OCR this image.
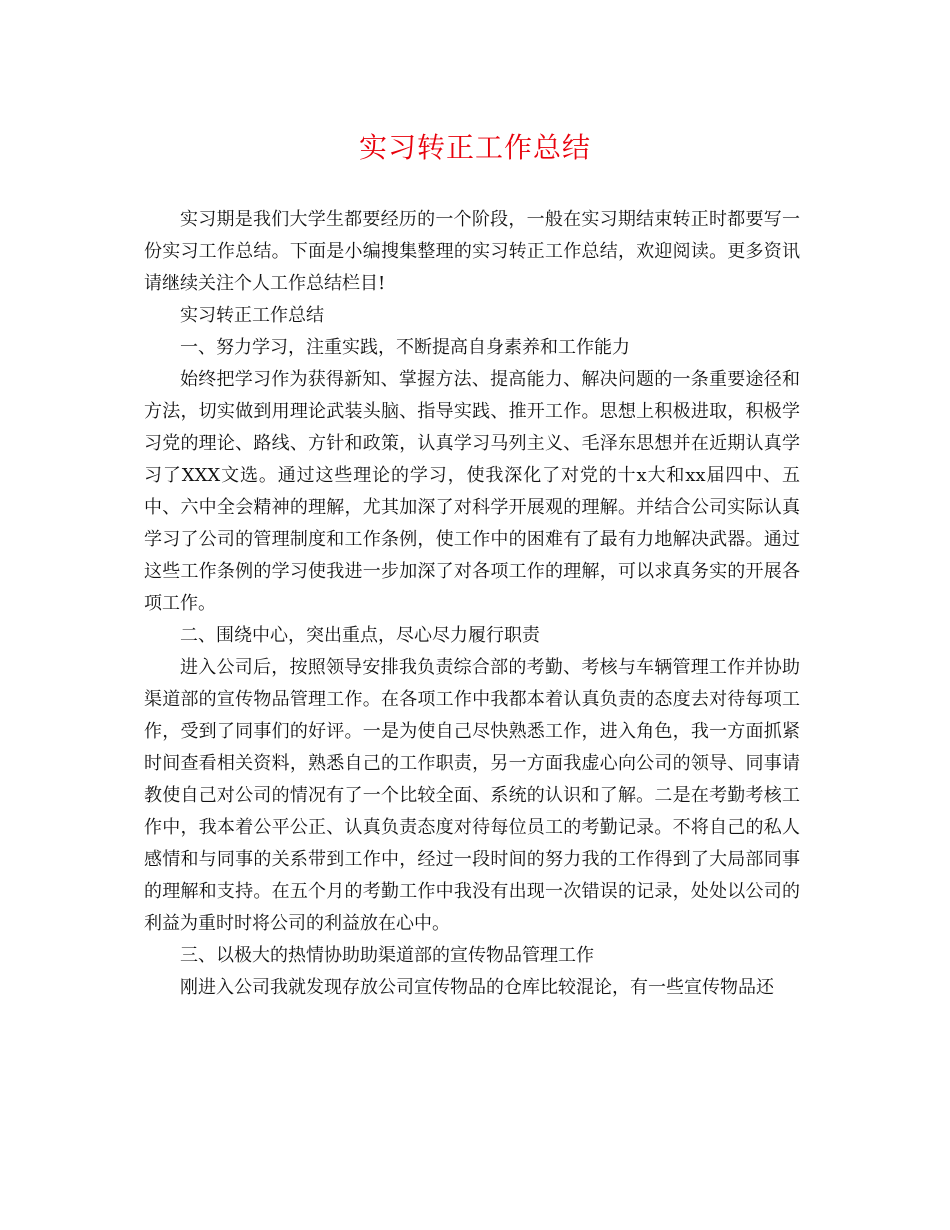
实习转正工作总结

实习期是我们大学生都要经历的一个阶段，一般在实习期结束转正时都要写一份实习工作总结。下面是小编搜集整理的实习转正工作总结，欢迎阅读。更多资讯请继续关注个人工作总结栏目!

实习转正工作总结

一、努力学习，注重实践，不断提高自身素养和工作能力

始终把学习作为获得新知、掌握方法、提高能力、解决问题的一条重要途径和方法，切实做到用理论武装头脑、指导实践、推开工作。思想上积极进取，积极学习党的理论、路线、方针和政策，认真学习马列主义、毛泽东思想并在近期认真学习了XXX文选。通过这些理论的学习，使我深化了对党的十x大和xx届四中、五中、六中全会精神的理解，尤其加深了对科学开展观的理解。并结合公司实际认真学习了公司的管理制度和工作条例，使工作中的困难有了最有力地解决武器。通过这些工作条例的学习使我进一步加深了对各项工作的理解，可以求真务实的开展各项工作。

二、围绕中心，突出重点，尽心尽力履行职责

进入公司后，按照领导安排我负责综合部的考勤、考核与车辆管理工作并协助渠道部的宣传物品管理工作。在各项工作中我都本着认真负责的态度去对待每项工作，受到了同事们的好评。一是为使自己尽快熟悉工作，进入角色，我一方面抓紧时间查看相关资料，熟悉自己的工作职责，另一方面我虚心向公司的领导、同事请教使自己对公司的情况有了一个比较全面、系统的认识和了解。二是在考勤考核工作中，我本着公平公正、认真负责态度对待每位员工的考勤记录。不将自己的私人感情和与同事的关系带到工作中，经过一段时间的努力我的工作得到了大局部同事的理解和支持。在五个月的考勤工作中我没有出现一次错误的记录，处处以公司的利益为重时时将公司的利益放在心中。

三、以极大的热情协助助渠道部的宣传物品管理工作

刚进入公司我就发现存放公司宣传物品的仓库比较混论，有一些宣传物品还
